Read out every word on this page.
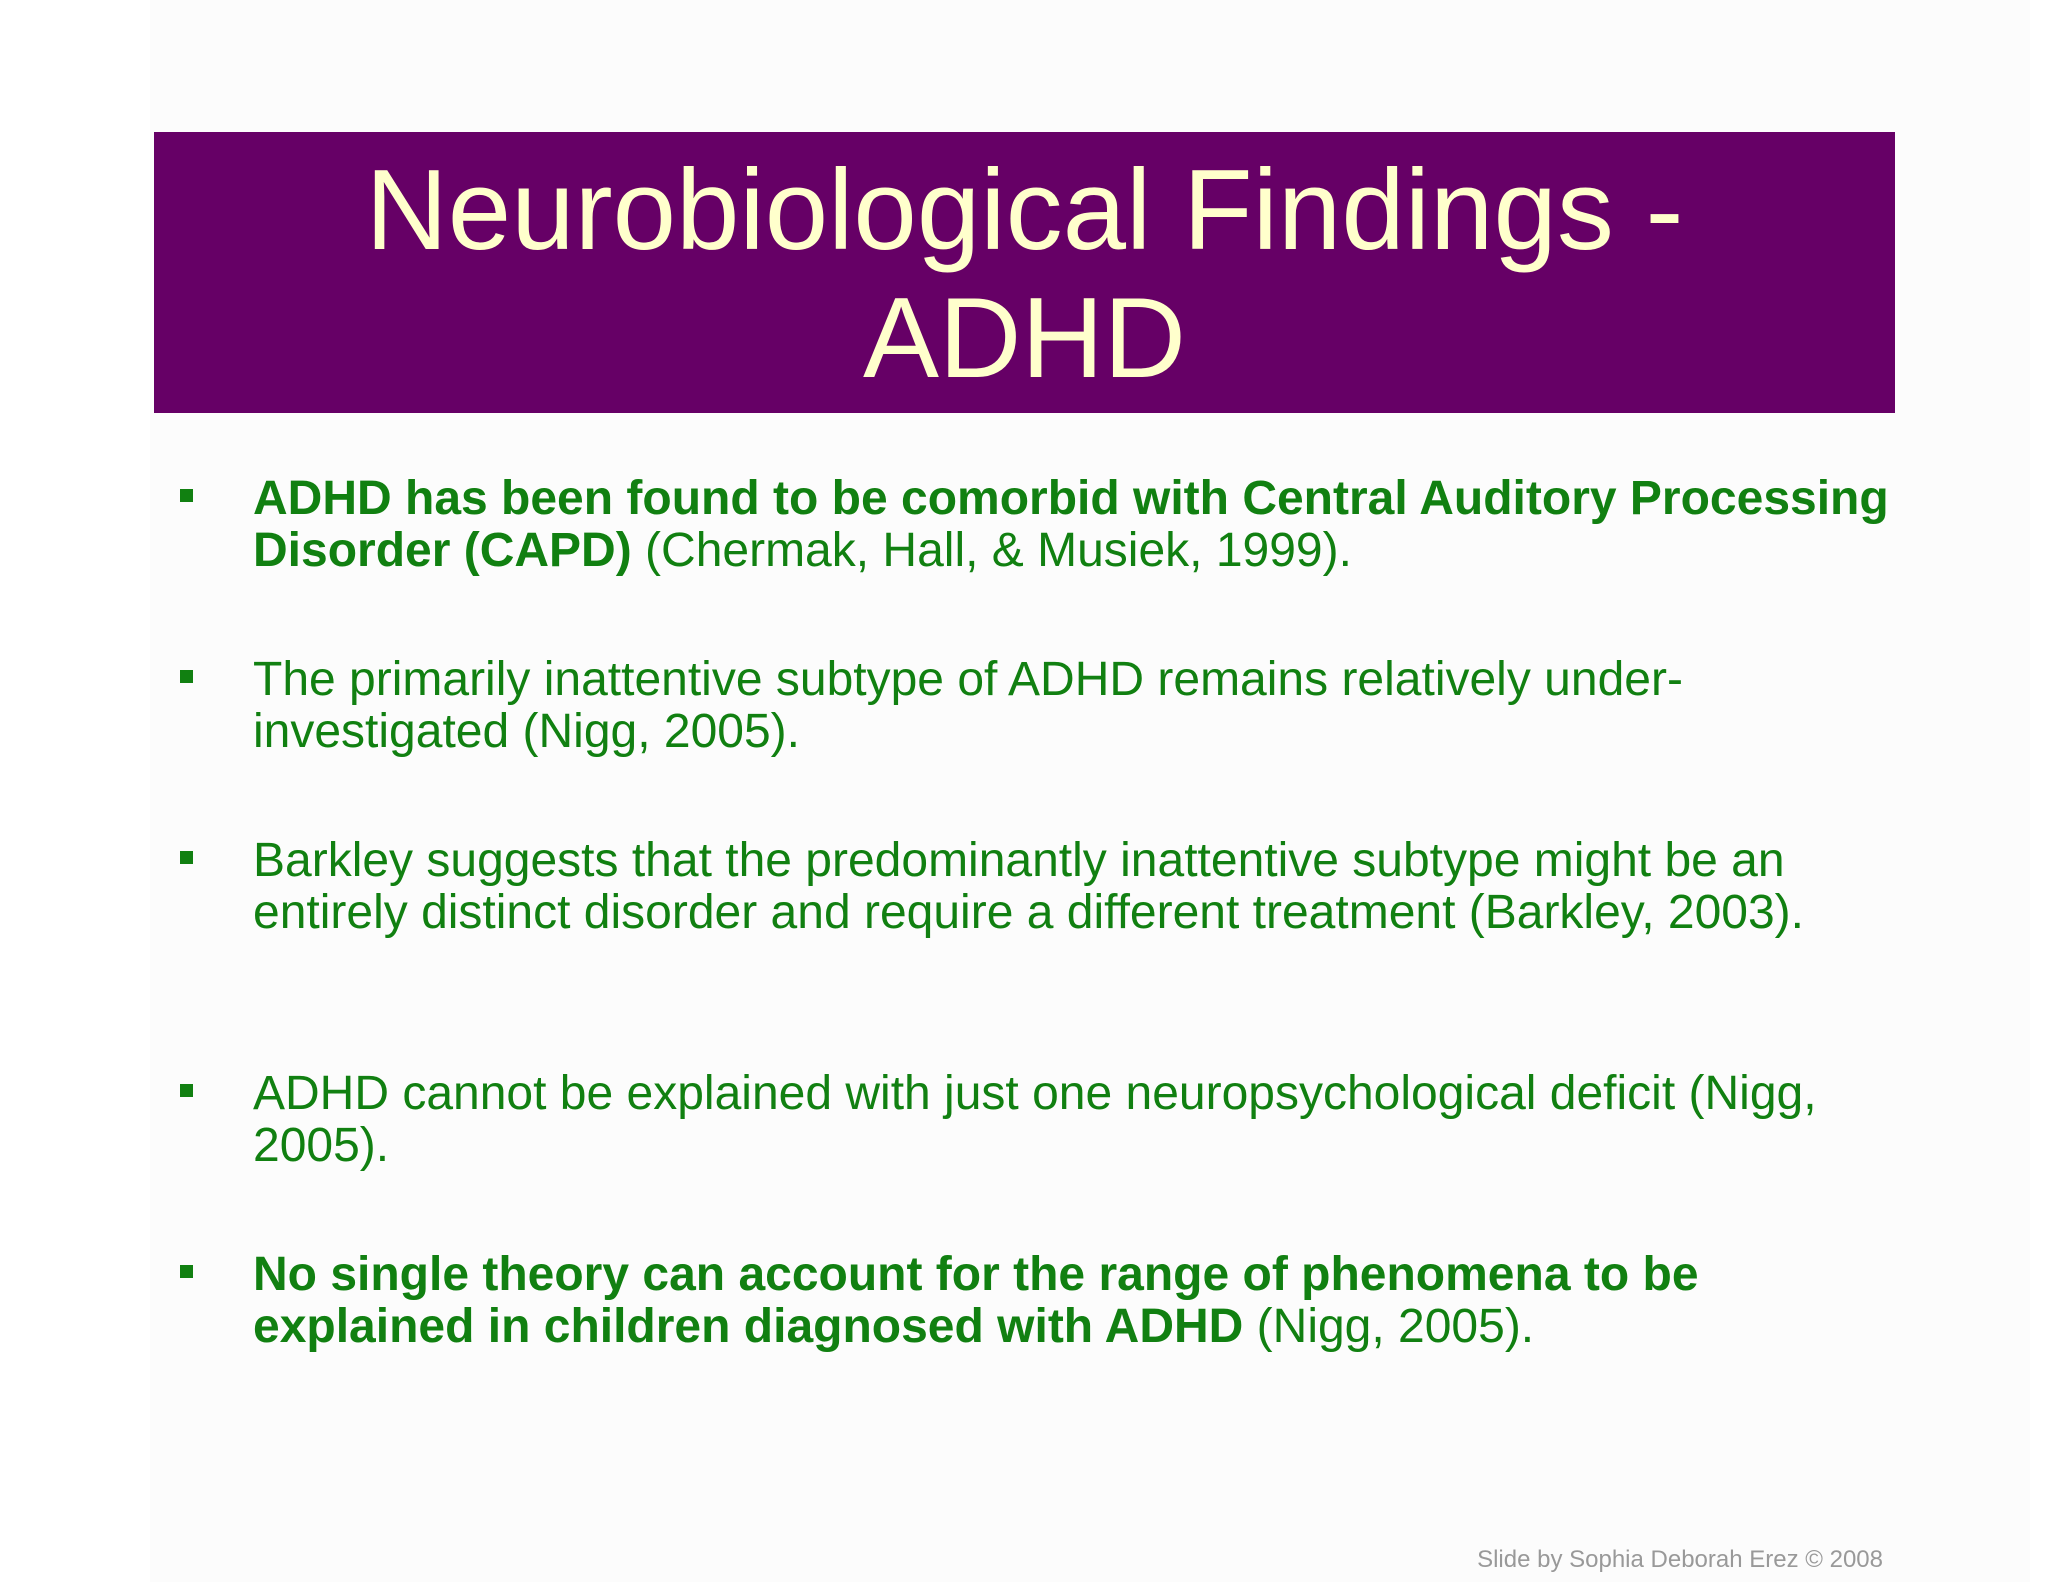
Neurobiological Findings -
ADHD
ADHD has been found to be comorbid with Central Auditory Processing Disorder (CAPD) (Chermak, Hall, & Musiek, 1999).
The primarily inattentive subtype of ADHD remains relatively under-investigated (Nigg, 2005).
Barkley suggests that the predominantly inattentive subtype might be an entirely distinct disorder and require a different treatment (Barkley, 2003).
ADHD cannot be explained with just one neuropsychological deficit (Nigg, 2005).
No single theory can account for the range of phenomena to be explained in children diagnosed with ADHD (Nigg, 2005).
Slide by Sophia Deborah Erez © 2008
